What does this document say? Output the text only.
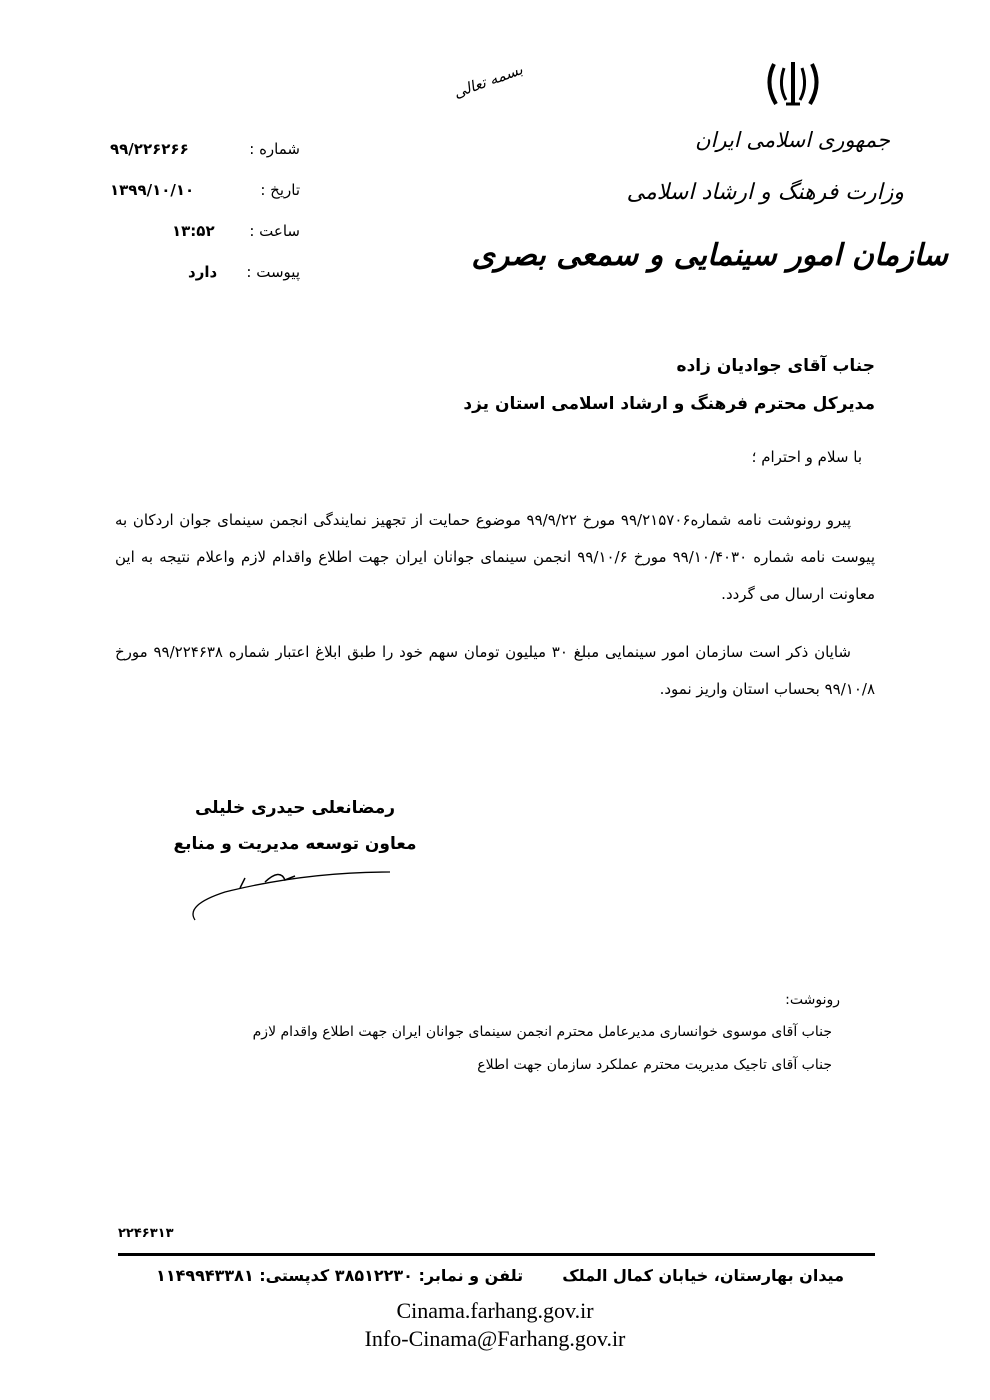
بسمه تعالی
جمهوری اسلامی ایران
وزارت فرهنگ و ارشاد اسلامی
سازمان امور سینمایی و سمعی بصری
شماره :
۹۹/۲۲۶۲۶۶
تاریخ :
۱۳۹۹/۱۰/۱۰
ساعت :
۱۳:۵۲
پیوست :
دارد
جناب آقای جوادیان زاده
مدیرکل محترم فرهنگ و ارشاد اسلامی استان یزد
با سلام و احترام ؛
پیرو رونوشت نامه شماره۹۹/۲۱۵۷۰۶ مورخ ۹۹/۹/۲۲ موضوع حمایت از تجهیز نمایندگی انجمن سینمای جوان اردکان به پیوست نامه شماره ۹۹/۱۰/۴۰۳۰ مورخ ۹۹/۱۰/۶ انجمن سینمای جوانان ایران جهت اطلاع واقدام لازم واعلام نتیجه به این معاونت ارسال می گردد.
شایان ذکر است سازمان امور سینمایی مبلغ ۳۰ میلیون تومان سهم خود را طبق ابلاغ اعتبار شماره ۹۹/۲۲۴۶۳۸ مورخ ۹۹/۱۰/۸ بحساب استان واریز نمود.
رمضانعلی حیدری خلیلی
معاون توسعه مدیریت و منابع
رونوشت:
جناب آقای موسوی خوانساری مدیرعامل محترم انجمن سینمای جوانان ایران جهت اطلاع واقدام لازم
جناب آقای تاجیک مدیریت محترم عملکرد سازمان جهت اطلاع
۲۲۴۶۳۱۳
میدان بهارستان، خیابان کمال الملک  تلفن و نمابر: ۳۸۵۱۲۲۳۰ کدپستی: ۱۱۴۹۹۴۳۳۸۱
Cinama.farhang.gov.ir
Info-Cinama@Farhang.gov.ir
